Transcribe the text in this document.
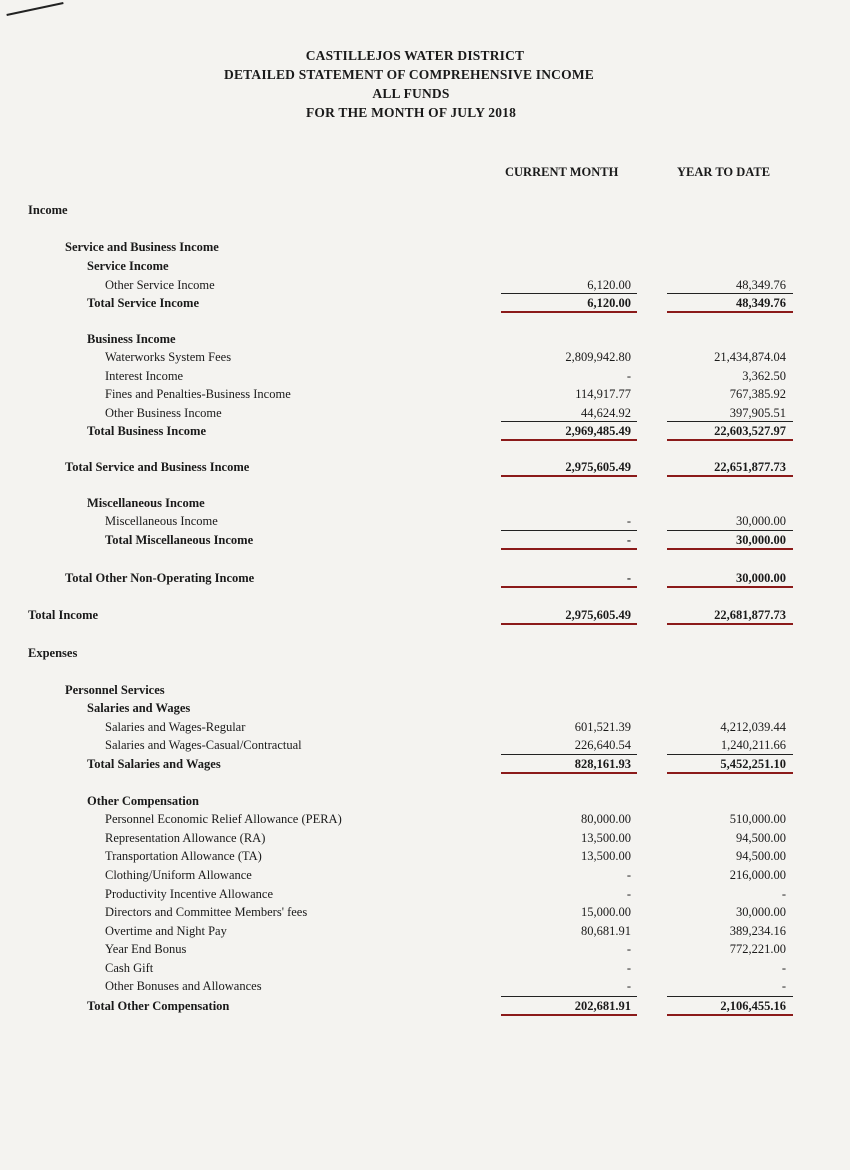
CASTILLEJOS WATER DISTRICT
DETAILED STATEMENT OF COMPREHENSIVE INCOME
ALL FUNDS
FOR THE MONTH OF JULY 2018
CURRENT MONTH	YEAR TO DATE
Income
Service and Business Income
Service Income
Other Service Income	6,120.00	48,349.76
Total Service Income	6,120.00	48,349.76
Business Income
Waterworks System Fees	2,809,942.80	21,434,874.04
Interest Income	-	3,362.50
Fines and Penalties-Business Income	114,917.77	767,385.92
Other Business Income	44,624.92	397,905.51
Total Business Income	2,969,485.49	22,603,527.97
Total Service and Business Income	2,975,605.49	22,651,877.73
Miscellaneous Income
Miscellaneous Income	-	30,000.00
Total Miscellaneous Income	-	30,000.00
Total Other Non-Operating Income	-	30,000.00
Total Income	2,975,605.49	22,681,877.73
Expenses
Personnel Services
Salaries and Wages
Salaries and Wages-Regular	601,521.39	4,212,039.44
Salaries and Wages-Casual/Contractual	226,640.54	1,240,211.66
Total Salaries and Wages	828,161.93	5,452,251.10
Other Compensation
Personnel Economic Relief Allowance (PERA)	80,000.00	510,000.00
Representation Allowance (RA)	13,500.00	94,500.00
Transportation Allowance (TA)	13,500.00	94,500.00
Clothing/Uniform Allowance	-	216,000.00
Productivity Incentive Allowance	-	-
Directors and Committee Members' fees	15,000.00	30,000.00
Overtime and Night Pay	80,681.91	389,234.16
Year End Bonus	-	772,221.00
Cash Gift	-	-
Other Bonuses and Allowances	-	-
Total Other Compensation	202,681.91	2,106,455.16
